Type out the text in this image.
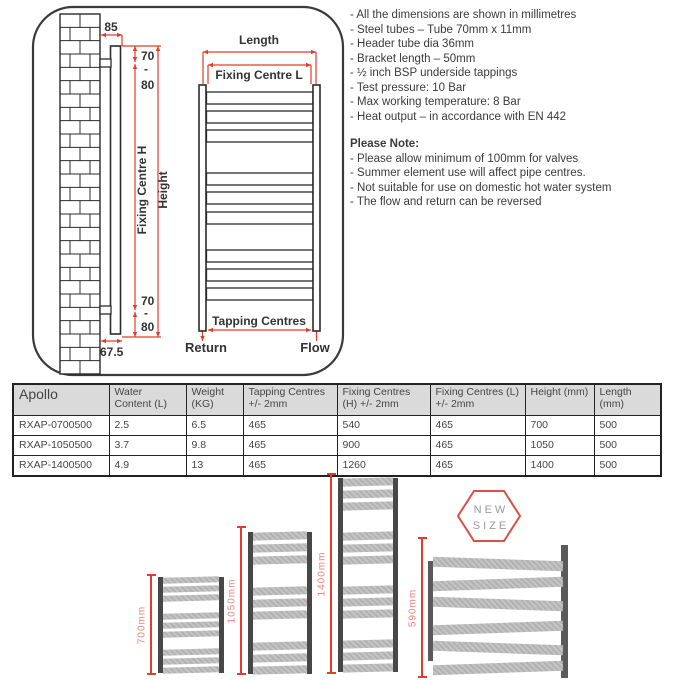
85
70
-
80
Fixing Centre H Height
70
-
80
67.5
Length
Fixing Centre L
Tapping Centres
Return	Flow
- All the dimensions are shown in millimetres
- Steel tubes – Tube 70mm x 11mm
- Header tube dia 36mm
- Bracket length – 50mm
- ½ inch BSP underside tappings
- Test pressure: 10 Bar
- Max working temperature: 8 Bar
- Heat output – in accordance with EN 442
Please Note:
- Please allow minimum of 100mm for valves
- Summer element use will affect pipe centres.
- Not suitable for use on domestic hot water system
- The flow and return can be reversed
Apollo	Water Content (L)	Weight (KG)	Tapping Centres +/- 2mm	Fixing Centres (H) +/- 2mm	Fixing Centres (L) +/- 2mm	Height (mm)	Length (mm)
RXAP-0700500	2.5	6.5	465	540	465	700	500
RXAP-1050500	3.7	9.8	465	900	465	1050	500
RXAP-1400500	4.9	13	465	1260	465	1400	500
700mm
1050mm
1400mm
590mm
NEW
SIZE
